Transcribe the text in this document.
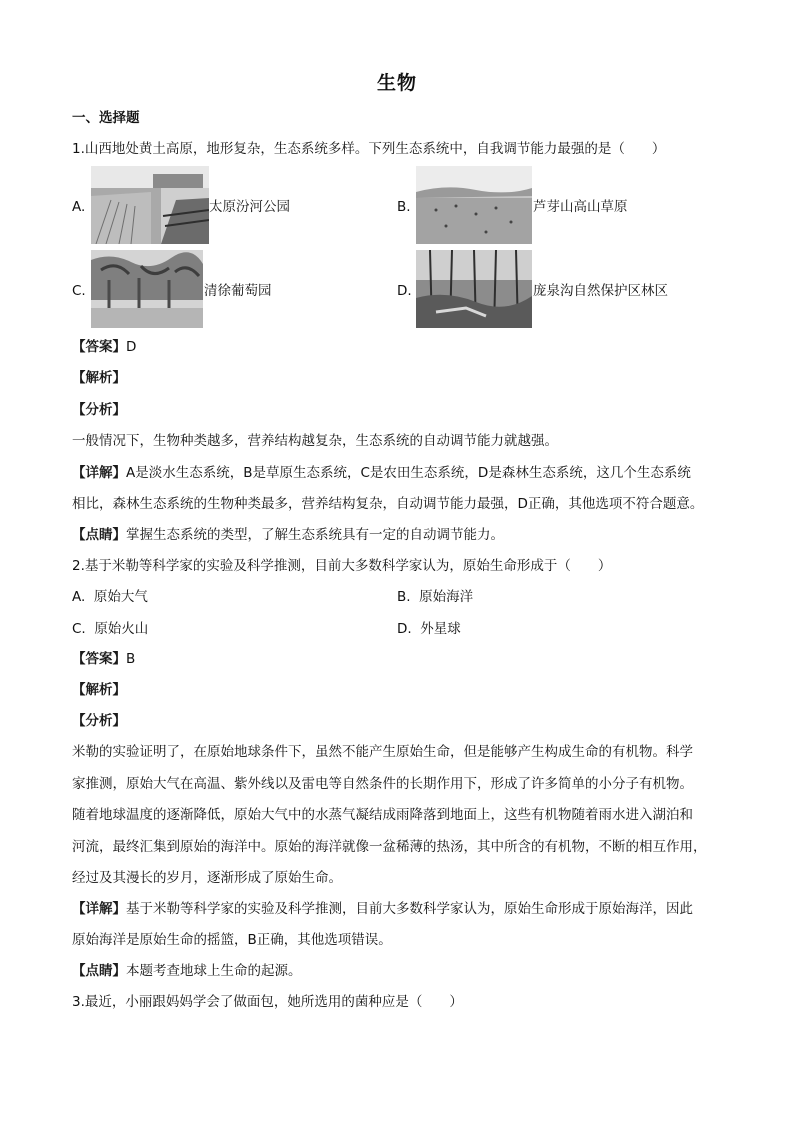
生物
一、选择题
1.山西地处黄土高原，地形复杂，生态系统多样。下列生态系统中，自我调节能力最强的是（　　）
A.	太原汾河公园	B.	芦芽山高山草原
C.	清徐葡萄园	D.	庞泉沟自然保护区林区
【答案】D
【解析】
【分析】
一般情况下，生物种类越多，营养结构越复杂，生态系统的自动调节能力就越强。
【详解】A是淡水生态系统，B是草原生态系统，C是农田生态系统，D是森林生态系统，这几个生态系统
相比，森林生态系统的生物种类最多，营养结构复杂，自动调节能力最强，D正确，其他选项不符合题意。
【点睛】掌握生态系统的类型，了解生态系统具有一定的自动调节能力。
2.基于米勒等科学家的实验及科学推测，目前大多数科学家认为，原始生命形成于（　　）
A. 原始大气	B. 原始海洋
C. 原始火山	D. 外星球
【答案】B
【解析】
【分析】
米勒的实验证明了，在原始地球条件下，虽然不能产生原始生命，但是能够产生构成生命的有机物。科学
家推测，原始大气在高温、紫外线以及雷电等自然条件的长期作用下，形成了许多简单的小分子有机物。
随着地球温度的逐渐降低，原始大气中的水蒸气凝结成雨降落到地面上，这些有机物随着雨水进入湖泊和
河流，最终汇集到原始的海洋中。原始的海洋就像一盆稀薄的热汤，其中所含的有机物，不断的相互作用，
经过及其漫长的岁月，逐渐形成了原始生命。
【详解】基于米勒等科学家的实验及科学推测，目前大多数科学家认为，原始生命形成于原始海洋，因此
原始海洋是原始生命的摇篮，B正确，其他选项错误。
【点睛】本题考查地球上生命的起源。
3.最近，小丽跟妈妈学会了做面包，她所选用的菌种应是（　　）
